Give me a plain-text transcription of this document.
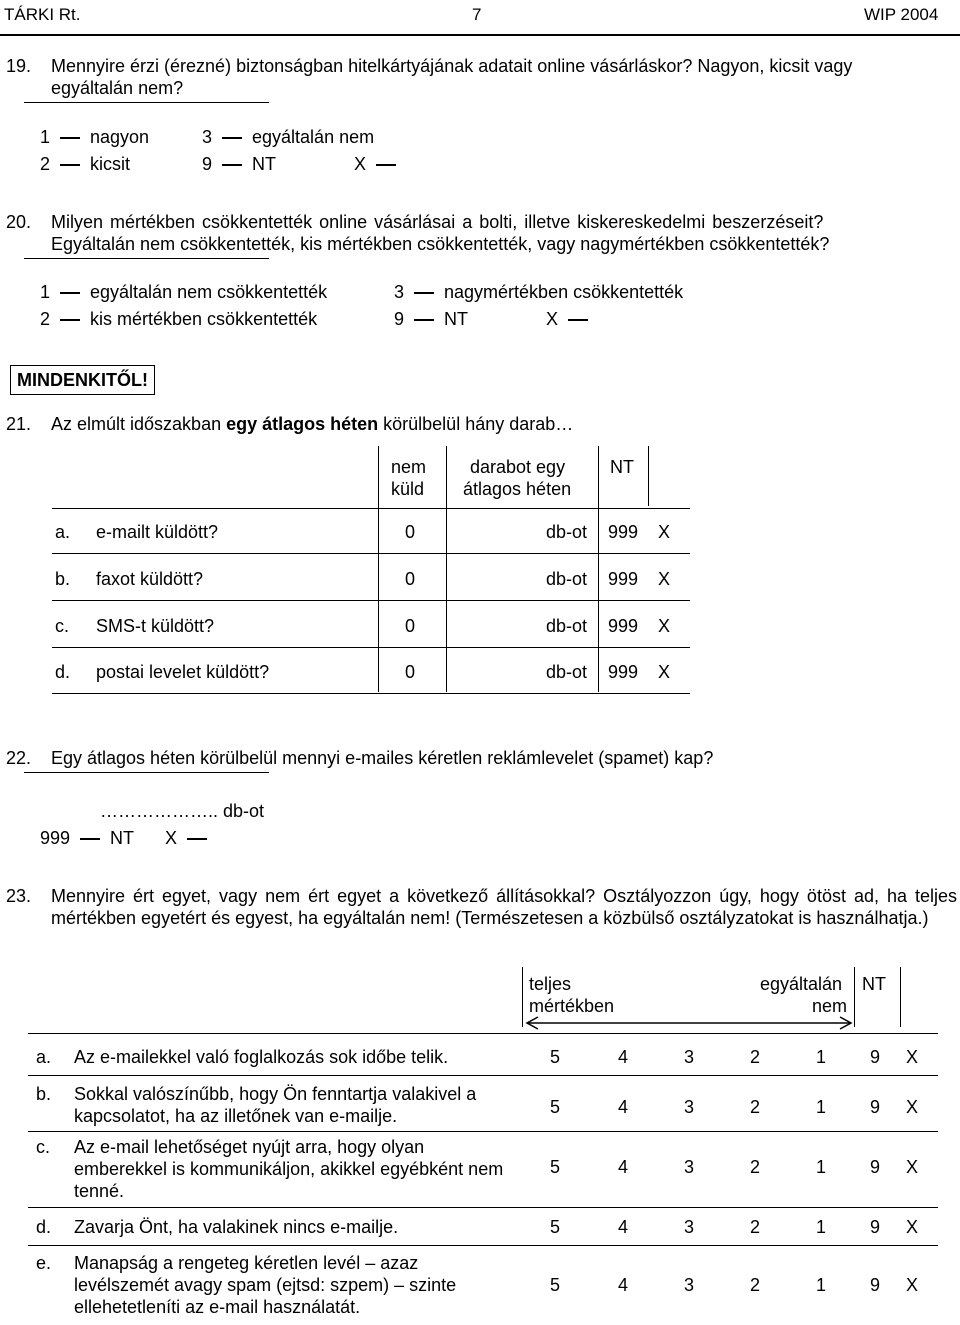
TÁRKI Rt.	7	WIP 2004
19. Mennyire érzi (érezné) biztonságban hitelkártyájának adatait online vásárláskor? Nagyon, kicsit vagy
egyáltalán nem?
1 nagyon	3 egyáltalán nem
2 kicsit	9 NT	X
20. Milyen mértékben csökkentették online vásárlásai a bolti, illetve kiskereskedelmi beszerzéseit?
Egyáltalán nem csökkentették, kis mértékben csökkentették, vagy nagymértékben csökkentették?
1 egyáltalán nem csökkentették	3 nagymértékben csökkentették
2 kis mértékben csökkentették	9 NT	X
MINDENKITŐL!
21. Az elmúlt időszakban egy átlagos héten körülbelül hány darab…
nem
küld
darabot egy
átlagos héten
NT
a. e-mailt küldött?	0	db-ot 999 X
b. faxot küldött?	0	db-ot 999 X
c. SMS-t küldött?	0	db-ot 999 X
d. postai levelet küldött?	0	db-ot 999 X
22. Egy átlagos héten körülbelül mennyi e-mailes kéretlen reklámlevelet (spamet) kap?
……………….. db-ot
999 NT X
23. Mennyire ért egyet, vagy nem ért egyet a következő állításokkal? Osztályozzon úgy, hogy ötöst ad, ha teljes mértékben egyetért és egyest, ha egyáltalán nem! (Természetesen a közbülső osztályzatokat is használhatja.)
teljes
mértékben
egyáltalán
nem
NT
a. Az e-mailekkel való foglalkozás sok időbe telik.	5	4	3	2	1 9 X
b. Sokkal valószínűbb, hogy Ön fenntartja valakivel a kapcsolatot, ha az illetőnek van e-mailje.	5	4	3	2	1 9 X
c. Az e-mail lehetőséget nyújt arra, hogy olyan emberekkel is kommunikáljon, akikkel egyébként nem tenné.
5	4	3	2	1 9 X
d. Zavarja Önt, ha valakinek nincs e-mailje.	5	4	3	2	1 9 X
e. Manapság a rengeteg kéretlen levél – azaz levélszemét avagy spam (ejtsd: szpem) – szinte ellehetetleníti az e-mail használatát.
5	4	3	2	1 9 X
